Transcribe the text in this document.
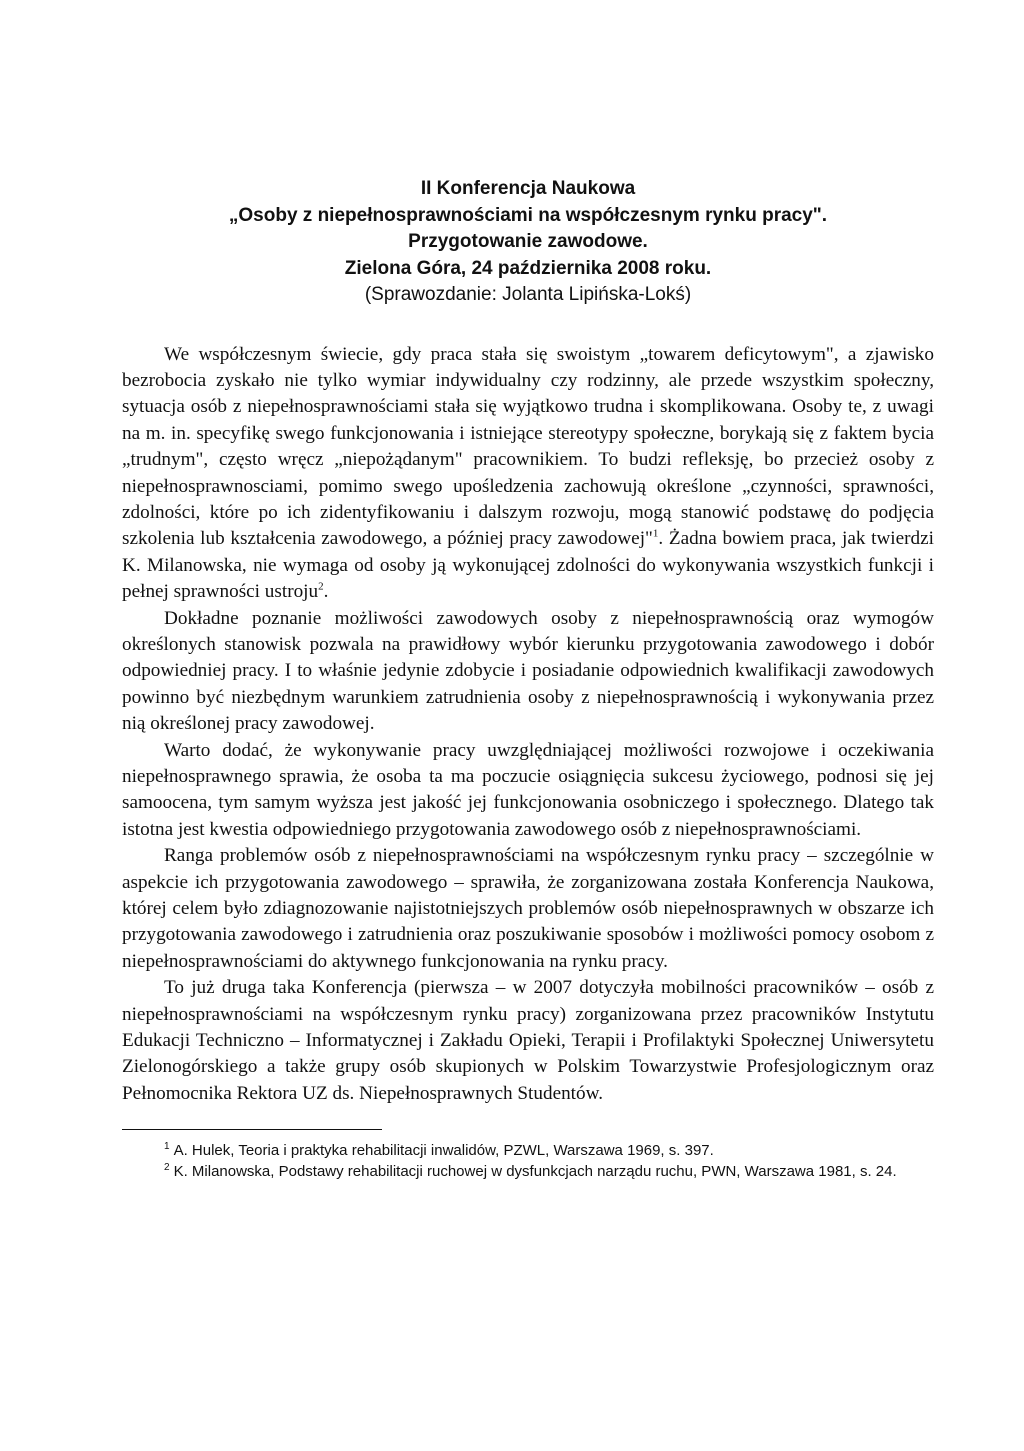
II Konferencja Naukowa
„Osoby z niepełnosprawnościami na współczesnym rynku pracy".
Przygotowanie zawodowe.
Zielona Góra, 24 października 2008 roku.
(Sprawozdanie: Jolanta Lipińska-Lokś)

We współczesnym świecie, gdy praca stała się swoistym „towarem deficytowym", a zjawisko bezrobocia zyskało nie tylko wymiar indywidualny czy rodzinny, ale przede wszystkim społeczny, sytuacja osób z niepełnosprawnościami stała się wyjątkowo trudna i skomplikowana. Osoby te, z uwagi na m. in. specyfikę swego funkcjonowania i istniejące stereotypy społeczne, borykają się z faktem bycia „trudnym", często wręcz „niepożądanym" pracownikiem. To budzi refleksję, bo przecież osoby z niepełnosprawnosciami, pomimo swego upośledzenia zachowują określone „czynności, sprawności, zdolności, które po ich zidentyfikowaniu i dalszym rozwoju, mogą stanowić podstawę do podjęcia szkolenia lub kształcenia zawodowego, a później pracy zawodowej"$^1$. Żadna bowiem praca, jak twierdzi K. Milanowska, nie wymaga od osoby ją wykonującej zdolności do wykonywania wszystkich funkcji i pełnej sprawności ustroju$^2$.

Dokładne poznanie możliwości zawodowych osoby z niepełnosprawnością oraz wymogów określonych stanowisk pozwala na prawidłowy wybór kierunku przygotowania zawodowego i dobór odpowiedniej pracy. I to właśnie jedynie zdobycie i posiadanie odpowiednich kwalifikacji zawodowych powinno być niezbędnym warunkiem zatrudnienia osoby z niepełnosprawnością i wykonywania przez nią określonej pracy zawodowej.

Warto dodać, że wykonywanie pracy uwzględniającej możliwości rozwojowe i oczekiwania niepełnosprawnego sprawia, że osoba ta ma poczucie osiągnięcia sukcesu życiowego, podnosi się jej samoocena, tym samym wyższa jest jakość jej funkcjonowania osobniczego i społecznego. Dlatego tak istotna jest kwestia odpowiedniego przygotowania zawodowego osób z niepełnosprawnościami.

Ranga problemów osób z niepełnosprawnościami na współczesnym rynku pracy – szczególnie w aspekcie ich przygotowania zawodowego – sprawiła, że zorganizowana została Konferencja Naukowa, której celem było zdiagnozowanie najistotniejszych problemów osób niepełnosprawnych w obszarze ich przygotowania zawodowego i zatrudnienia oraz poszukiwanie sposobów i możliwości pomocy osobom z niepełnosprawnościami do aktywnego funkcjonowania na rynku pracy.

To już druga taka Konferencja (pierwsza – w 2007 dotyczyła mobilności pracowników – osób z niepełnosprawnościami na współczesnym rynku pracy) zorganizowana przez pracowników Instytutu Edukacji Techniczno – Informatycznej i Zakładu Opieki, Terapii i Profilaktyki Społecznej Uniwersytetu Zielonogórskiego a także grupy osób skupionych w Polskim Towarzystwie Profesjologicznym oraz Pełnomocnika Rektora UZ ds. Niepełnosprawnych Studentów.

$^1$ A. Hulek, Teoria i praktyka rehabilitacji inwalidów, PZWL, Warszawa 1969, s. 397.

$^2$ K. Milanowska, Podstawy rehabilitacji ruchowej w dysfunkcjach narządu ruchu, PWN, Warszawa 1981, s. 24.
